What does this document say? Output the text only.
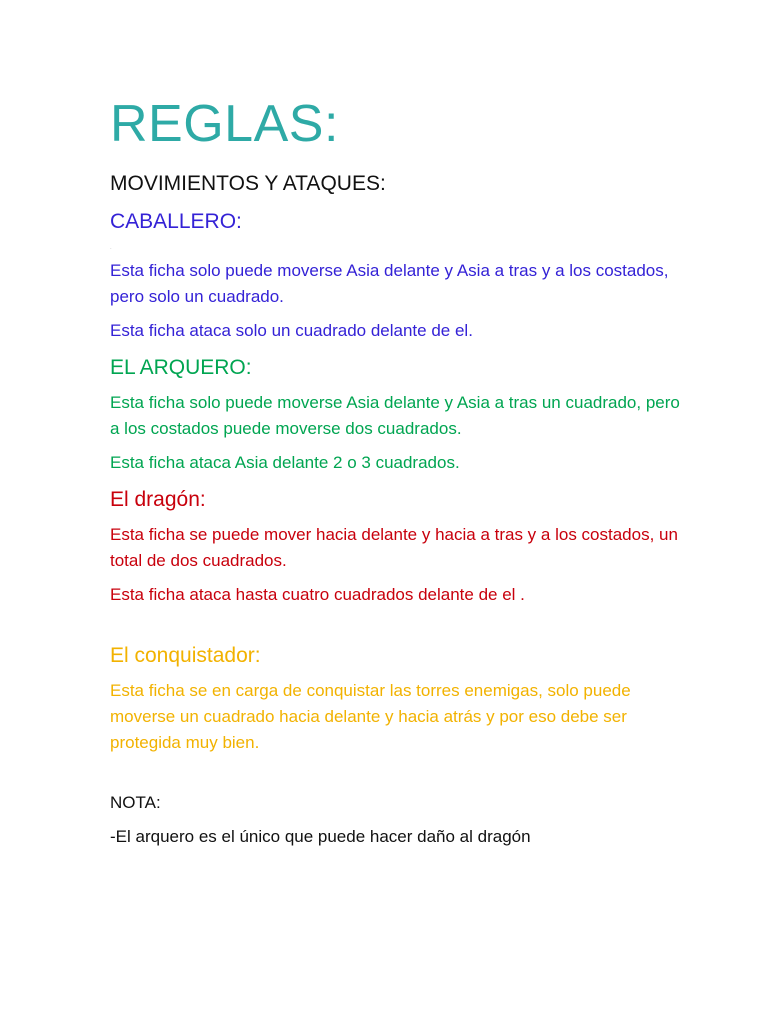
REGLAS:
MOVIMIENTOS Y ATAQUES:
CABALLERO:
.

Esta ficha solo puede moverse Asia delante y Asia a tras y a los costados, pero solo un cuadrado.

Esta ficha ataca solo un cuadrado delante de el.

EL ARQUERO:

Esta ficha solo puede moverse Asia delante y Asia a tras un cuadrado, pero a los costados puede moverse dos cuadrados.

Esta ficha ataca Asia delante 2 o 3 cuadrados.

El dragón:

Esta ficha se puede mover hacia delante y hacia a tras y a los costados, un total de dos cuadrados.

Esta ficha ataca hasta cuatro cuadrados delante de el .

El conquistador:

Esta ficha se en carga de conquistar las torres enemigas, solo puede moverse un cuadrado hacia delante y hacia atrás y por eso debe ser protegida muy bien.

NOTA:

-El arquero es el único que puede hacer daño al dragón
